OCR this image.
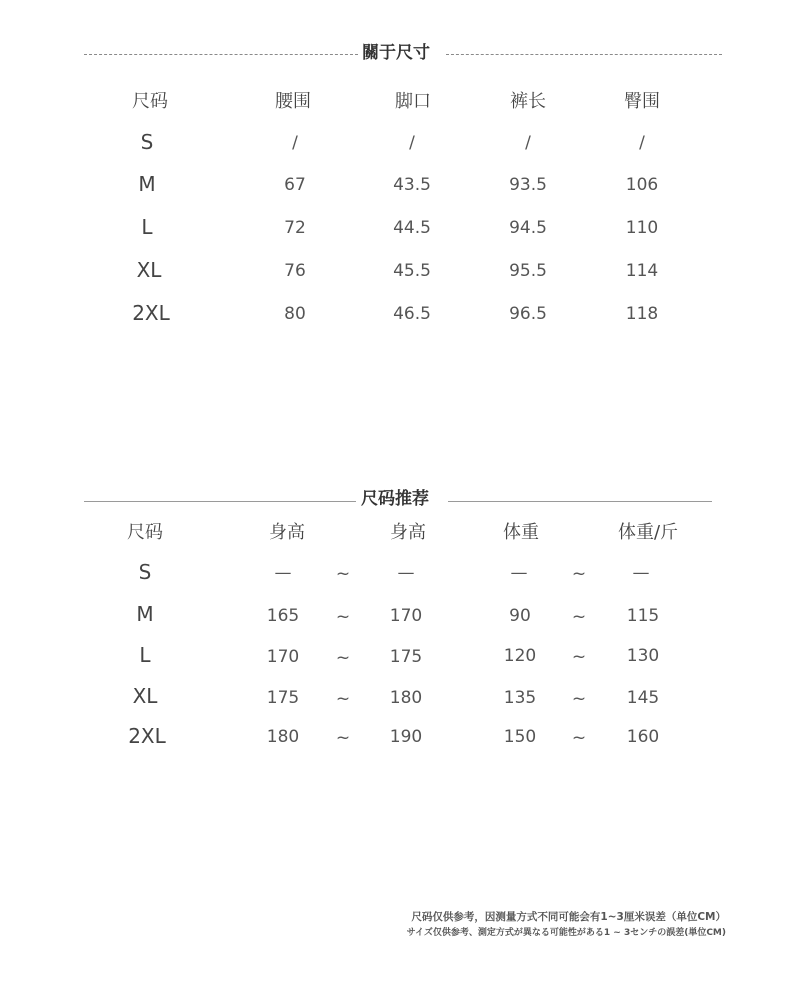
關于尺寸
尺码	腰围	脚口	裤长	臀围
S	/	/	/	/
M	67	43.5	93.5	106
L	72	44.5	94.5	110
XL	76	45.5	95.5	114
2XL	80	46.5	96.5	118
尺码推荐
尺码	身高	身高	体重	体重/斤
S	—	~	—	—	~	—
M	165 ~ 170	90 ~ 115
L	170 ~ 175	120 ~ 130
XL	175 ~ 180	135 ~ 145
2XL	180 ~ 190	150 ~ 160
尺码仅供参考，因测量方式不同可能会有1~3厘米误差（单位CM）
サイズ仅供参考、測定方式が異なる可能性がある1 ~ 3センチの誤差(単位CM)
